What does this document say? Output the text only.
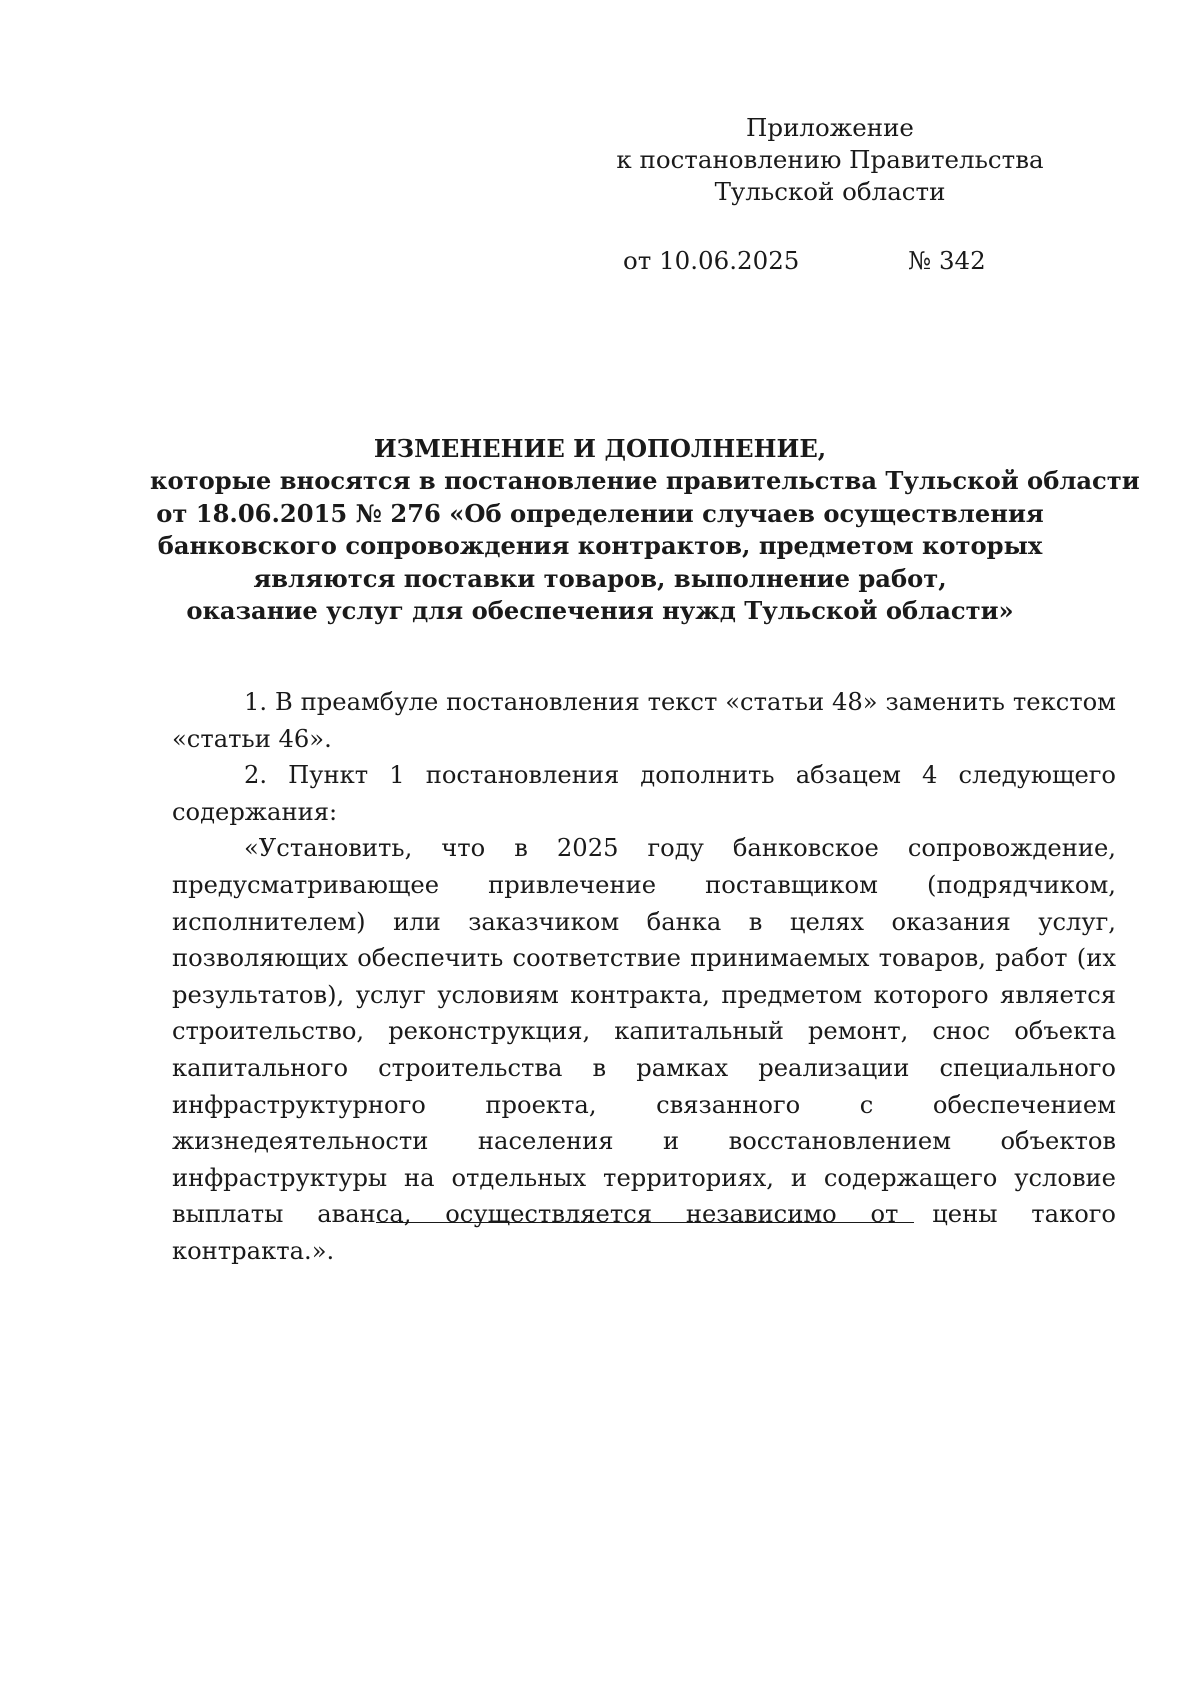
Приложение
к постановлению Правительства
Тульской области
от 10.06.2025	№ 342
ИЗМЕНЕНИЕ И ДОПОЛНЕНИЕ,
которые вносятся в постановление правительства Тульской области
от 18.06.2015 № 276 «Об определении случаев осуществления
банковского сопровождения контрактов, предметом которых
являются поставки товаров, выполнение работ,
оказание услуг для обеспечения нужд Тульской области»

1. В преамбуле постановления текст «статьи 48» заменить текстом «статьи 46».

2. Пункт 1 постановления дополнить абзацем 4 следующего содержания:

«Установить, что в 2025 году банковское сопровождение, предусматривающее привлечение поставщиком (подрядчиком, исполнителем) или заказчиком банка в целях оказания услуг, позволяющих обеспечить соответствие принимаемых товаров, работ (их результатов), услуг условиям контракта, предметом которого является строительство, реконструкция, капитальный ремонт, снос объекта капитального строительства в рамках реализации специального инфраструктурного проекта, связанного с обеспечением жизнедеятельности населения и восстановлением объектов инфраструктуры на отдельных территориях, и содержащего условие выплаты аванса, осуществляется независимо от цены такого контракта.».
